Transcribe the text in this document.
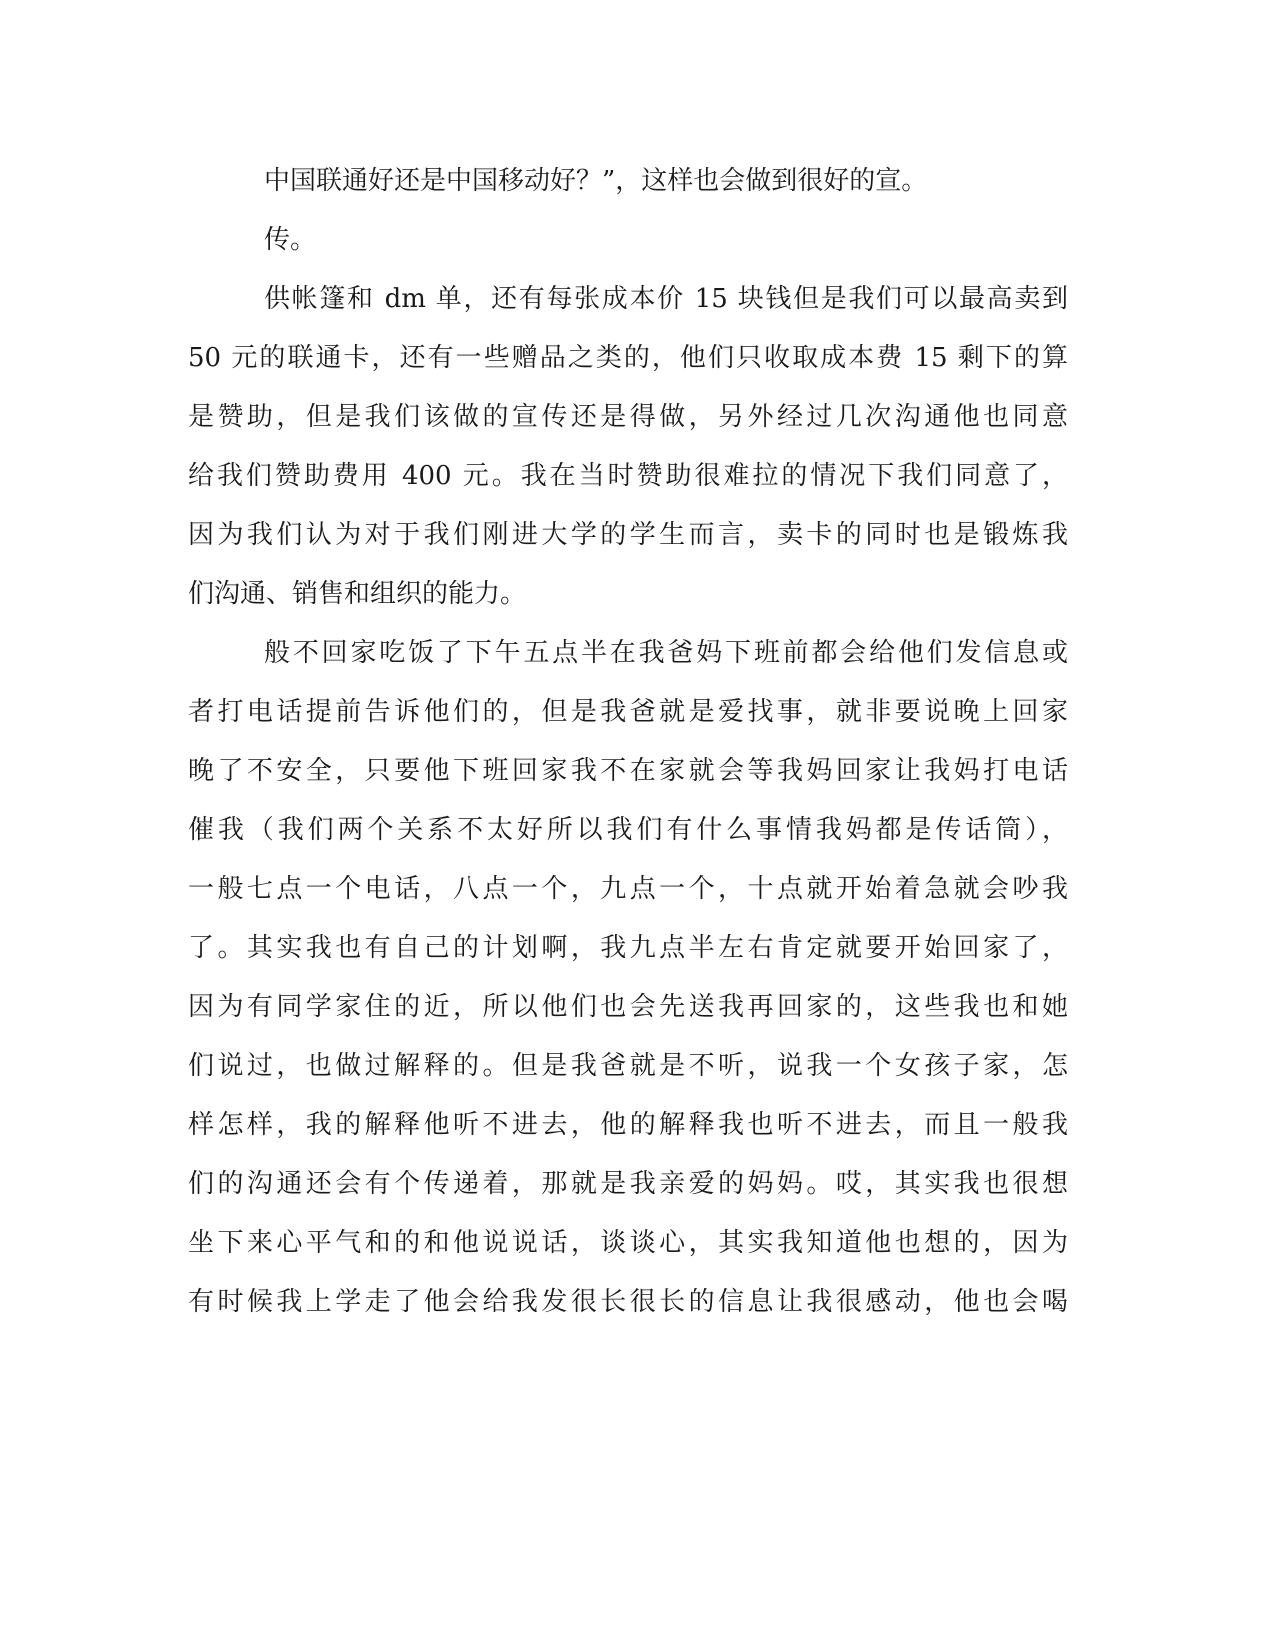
中国联通好还是中国移动好？”，这样也会做到很好的宣。

传。

供帐篷和 dm 单，还有每张成本价 15 块钱但是我们可以最高卖到

50 元的联通卡，还有一些赠品之类的，他们只收取成本费 15 剩下的算

是赞助，但是我们该做的宣传还是得做，另外经过几次沟通他也同意

给我们赞助费用 400 元。我在当时赞助很难拉的情况下我们同意了，

因为我们认为对于我们刚进大学的学生而言，卖卡的同时也是锻炼我

们沟通、销售和组织的能力。

般不回家吃饭了下午五点半在我爸妈下班前都会给他们发信息或

者打电话提前告诉他们的，但是我爸就是爱找事，就非要说晚上回家

晚了不安全，只要他下班回家我不在家就会等我妈回家让我妈打电话

催我（我们两个关系不太好所以我们有什么事情我妈都是传话筒），

一般七点一个电话，八点一个，九点一个，十点就开始着急就会吵我

了。其实我也有自己的计划啊，我九点半左右肯定就要开始回家了，

因为有同学家住的近，所以他们也会先送我再回家的，这些我也和她

们说过，也做过解释的。但是我爸就是不听，说我一个女孩子家，怎

样怎样，我的解释他听不进去，他的解释我也听不进去，而且一般我

们的沟通还会有个传递着，那就是我亲爱的妈妈。哎，其实我也很想

坐下来心平气和的和他说说话，谈谈心，其实我知道他也想的，因为

有时候我上学走了他会给我发很长很长的信息让我很感动，他也会喝
